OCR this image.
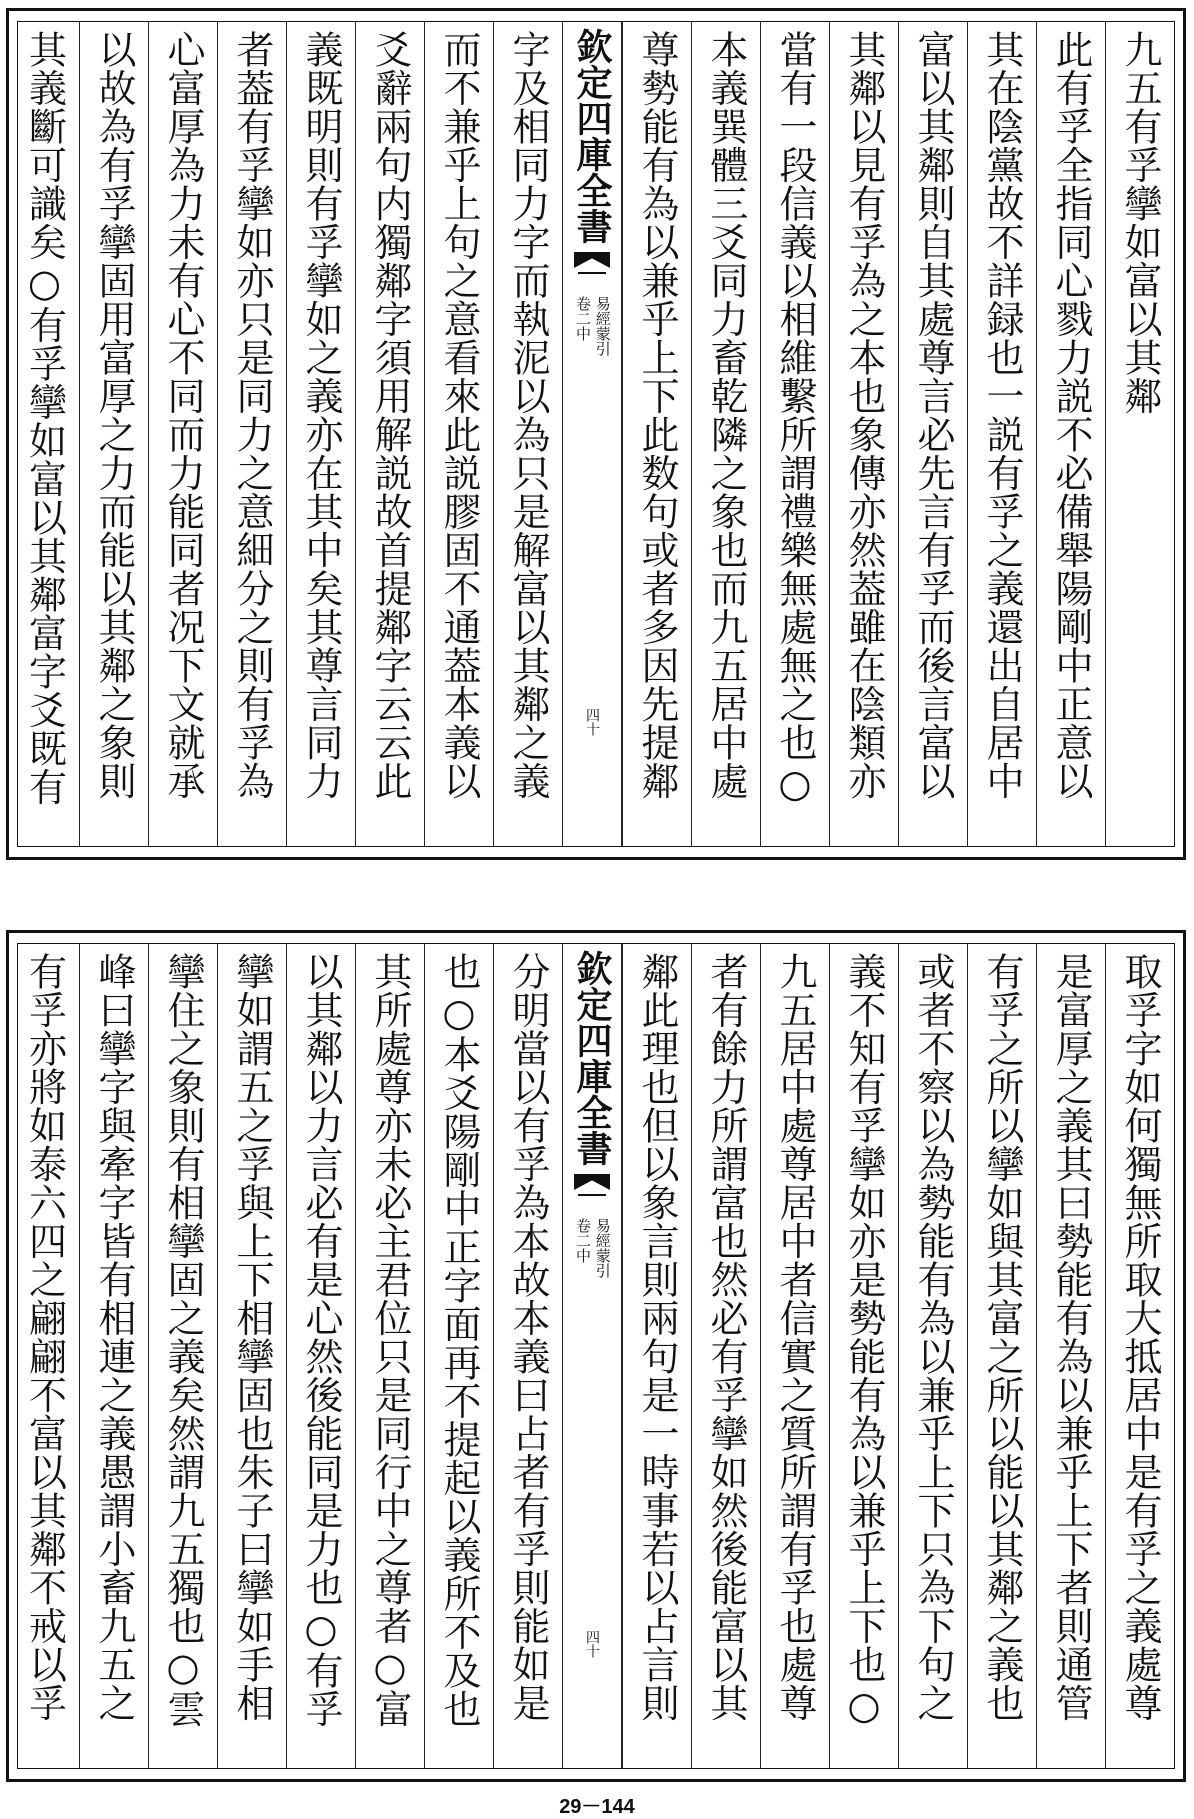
九五有孚攣如富以其鄰
此有孚全指同心戮力説不必備舉陽剛中正意以
其在陰黨故不詳録也一説有孚之義還出自居中
富以其鄰則自其處尊言必先言有孚而後言富以
其鄰以見有孚為之本也象傳亦然葢雖在陰類亦
當有一段信義以相維繫所謂禮樂無處無之也○
本義巽體三爻同力畜乾隣之象也而九五居中處
尊勢能有為以兼乎上下此数句或者多因先提鄰
欽定四庫全書
易經蒙引
卷二中
四十
字及相同力字而執泥以為只是解富以其鄰之義
而不兼乎上句之意看來此説膠固不通葢本義以
爻辭兩句内獨鄰字須用解説故首提鄰字云云此
義既明則有孚攣如之義亦在其中矣其尊言同力
者葢有孚攣如亦只是同力之意細分之則有孚為
心富厚為力未有心不同而力能同者况下文就承
以故為有孚攣固用富厚之力而能以其鄰之象則
其義斷可識矣○有孚攣如富以其鄰富字爻既有
取孚字如何獨無所取大抵居中是有孚之義處尊
是富厚之義其曰勢能有為以兼乎上下者則通管
有孚之所以攣如與其富之所以能以其鄰之義也
或者不察以為勢能有為以兼乎上下只為下句之
義不知有孚攣如亦是勢能有為以兼乎上下也○
九五居中處尊居中者信實之質所謂有孚也處尊
者有餘力所謂富也然必有孚攣如然後能富以其
鄰此理也但以象言則兩句是一時事若以占言則
欽定四庫全書
易經蒙引
卷二中
四十
分明當以有孚為本故本義曰占者有孚則能如是
也○本爻陽剛中正字面再不提起以義所不及也
其所處尊亦未必主君位只是同行中之尊者○富
以其鄰以力言必有是心然後能同是力也○有孚
攣如謂五之孚與上下相攣固也朱子曰攣如手相
攣住之象則有相攣固之義矣然謂九五獨也○雲
峰曰攣字與牽字皆有相連之義愚謂小畜九五之
有孚亦將如泰六四之翩翩不富以其鄰不戒以孚
29－144
